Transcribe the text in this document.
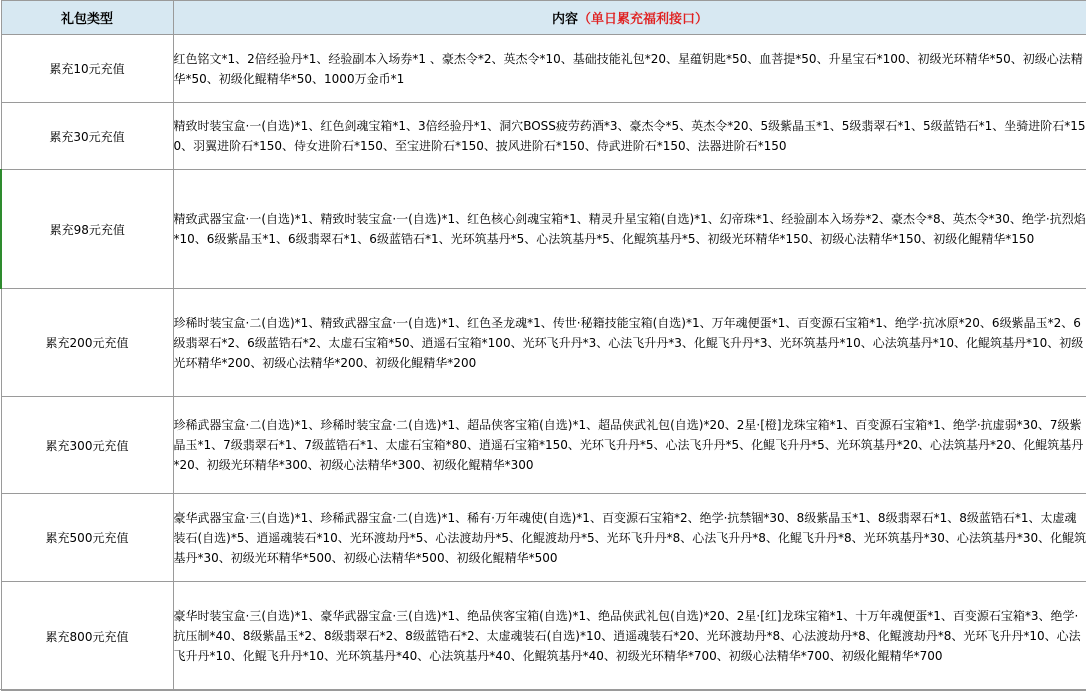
礼包类型	内容（单日累充福利接口）
累充10元充值	红色铭文*1、2倍经验丹*1、经验副本入场券*1 、豪杰令*2、英杰令*10、基础技能礼包*20、星蕴钥匙*50、血菩提*50、升星宝石*100、初级光环精华*50、初级心法精华*50、初级化鲲精华*50、1000万金币*1
累充30元充值	精致时装宝盒·一(自选)*1、红色剑魂宝箱*1、3倍经验丹*1、洞穴BOSS疲劳药酒*3、豪杰令*5、英杰令*20、5级紫晶玉*1、5级翡翠石*1、5级蓝锆石*1、坐骑进阶石*150、羽翼进阶石*150、侍女进阶石*150、至宝进阶石*150、披风进阶石*150、侍武进阶石*150、法器进阶石*150
累充98元充值	精致武器宝盒·一(自选)*1、精致时装宝盒·一(自选)*1、红色核心剑魂宝箱*1、精灵升星宝箱(自选)*1、幻帝珠*1、经验副本入场券*2、豪杰令*8、英杰令*30、绝学·抗烈焰*10、6级紫晶玉*1、6级翡翠石*1、6级蓝锆石*1、光环筑基丹*5、心法筑基丹*5、化鲲筑基丹*5、初级光环精华*150、初级心法精华*150、初级化鲲精华*150
累充200元充值	珍稀时装宝盒·二(自选)*1、精致武器宝盒·一(自选)*1、红色圣龙魂*1、传世·秘籍技能宝箱(自选)*1、万年魂便蛋*1、百变源石宝箱*1、绝学·抗冰原*20、6级紫晶玉*2、6级翡翠石*2、6级蓝锆石*2、太虚石宝箱*50、逍遥石宝箱*100、光环飞升丹*3、心法飞升丹*3、化鲲飞升丹*3、光环筑基丹*10、心法筑基丹*10、化鲲筑基丹*10、初级光环精华*200、初级心法精华*200、初级化鲲精华*200
累充300元充值	珍稀武器宝盒·二(自选)*1、珍稀时装宝盒·二(自选)*1、超品侠客宝箱(自选)*1、超品侠武礼包(自选)*20、2星·[橙]龙珠宝箱*1、百变源石宝箱*1、绝学·抗虚弱*30、7级紫晶玉*1、7级翡翠石*1、7级蓝锆石*1、太虚石宝箱*80、逍遥石宝箱*150、光环飞升丹*5、心法飞升丹*5、化鲲飞升丹*5、光环筑基丹*20、心法筑基丹*20、化鲲筑基丹*20、初级光环精华*300、初级心法精华*300、初级化鲲精华*300
累充500元充值	豪华武器宝盒·三(自选)*1、珍稀武器宝盒·二(自选)*1、稀有·万年魂使(自选)*1、百变源石宝箱*2、绝学·抗禁锢*30、8级紫晶玉*1、8级翡翠石*1、8级蓝锆石*1、太虚魂装石(自选)*5、逍遥魂装石*10、光环渡劫丹*5、心法渡劫丹*5、化鲲渡劫丹*5、光环飞升丹*8、心法飞升丹*8、化鲲飞升丹*8、光环筑基丹*30、心法筑基丹*30、化鲲筑基丹*30、初级光环精华*500、初级心法精华*500、初级化鲲精华*500
累充800元充值	豪华时装宝盒·三(自选)*1、豪华武器宝盒·三(自选)*1、绝品侠客宝箱(自选)*1、绝品侠武礼包(自选)*20、2星·[红]龙珠宝箱*1、十万年魂便蛋*1、百变源石宝箱*3、绝学·抗压制*40、8级紫晶玉*2、8级翡翠石*2、8级蓝锆石*2、太虚魂装石(自选)*10、逍遥魂装石*20、光环渡劫丹*8、心法渡劫丹*8、化鲲渡劫丹*8、光环飞升丹*10、心法飞升丹*10、化鲲飞升丹*10、光环筑基丹*40、心法筑基丹*40、化鲲筑基丹*40、初级光环精华*700、初级心法精华*700、初级化鲲精华*700
